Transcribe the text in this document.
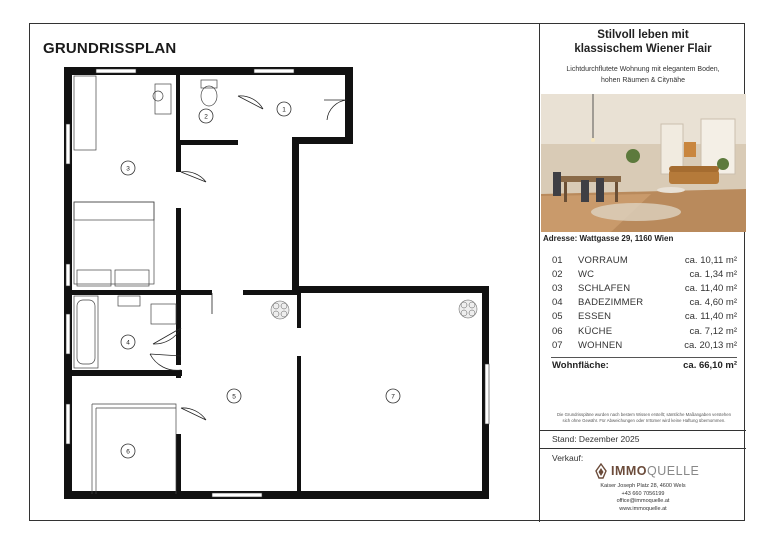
GRUNDRISSPLAN
1
2
3
4
5
6
7
Stilvoll leben mit
klassischem Wiener Flair
Lichtdurchflutete Wohnung mit elegantem Boden,
hohen Räumen & Citynähe
Adresse: Wattgasse 29, 1160 Wien
01	VORRAUM	ca. 10,11 m²
02	WC	ca. 1,34 m²
03	SCHLAFEN	ca. 11,40 m²
04	BADEZIMMER	ca. 4,60 m²
05	ESSEN	ca. 11,40 m²
06	KÜCHE	ca. 7,12 m²
07	WOHNEN	ca. 20,13 m²
Wohnfläche:	ca. 66,10 m²
Die Grundrisspläne wurden nach bestem Wissen erstellt; sämtliche Maßangaben verstehen
sich ohne Gewähr. Für Abweichungen oder Irrtümer wird keine Haftung übernommen.
Stand: Dezember 2025
Verkauf:
IMMOQUELLE
Kaiser Joseph Platz 28, 4600 Wels
+43 660 7056199
office@immoquelle.at
www.immoquelle.at
